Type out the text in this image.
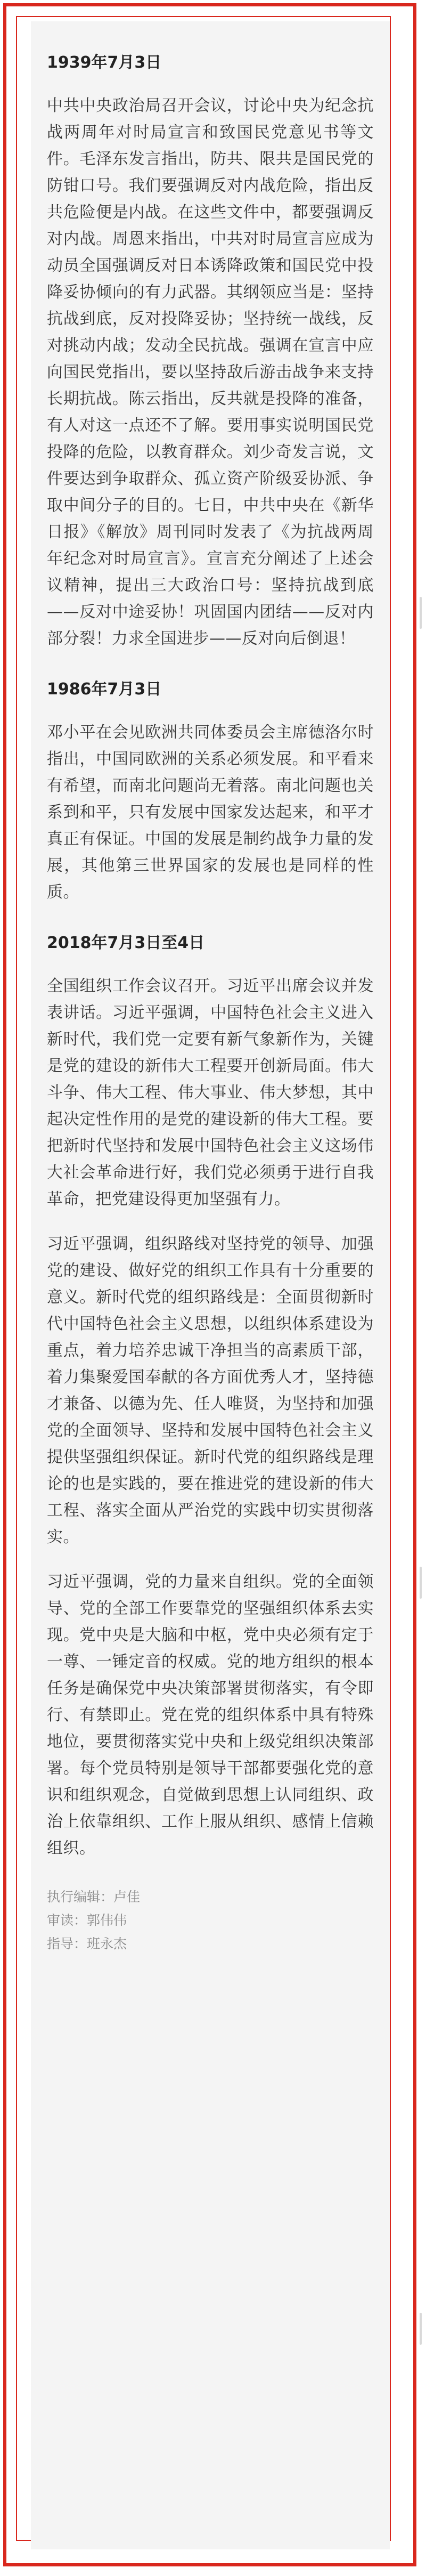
1939年7月3日

中共中央政治局召开会议，讨论中央为纪念抗战两周年对时局宣言和致国民党意见书等文件。毛泽东发言指出，防共、限共是国民党的防钳口号。我们要强调反对内战危险，指出反共危险便是内战。在这些文件中，都要强调反对内战。周恩来指出，中共对时局宣言应成为动员全国强调反对日本诱降政策和国民党中投降妥协倾向的有力武器。其纲领应当是：坚持抗战到底，反对投降妥协；坚持统一战线，反对挑动内战；发动全民抗战。强调在宣言中应向国民党指出，要以坚持敌后游击战争来支持长期抗战。陈云指出，反共就是投降的准备，有人对这一点还不了解。要用事实说明国民党投降的危险，以教育群众。刘少奇发言说，文件要达到争取群众、孤立资产阶级妥协派、争取中间分子的目的。七日，中共中央在《新华日报》《解放》周刊同时发表了《为抗战两周年纪念对时局宣言》。宣言充分阐述了上述会议精神，提出三大政治口号：坚持抗战到底——反对中途妥协！巩固国内团结——反对内部分裂！力求全国进步——反对向后倒退！

1986年7月3日

邓小平在会见欧洲共同体委员会主席德洛尔时指出，中国同欧洲的关系必须发展。和平看来有希望，而南北问题尚无着落。南北问题也关系到和平，只有发展中国家发达起来，和平才真正有保证。中国的发展是制约战争力量的发展，其他第三世界国家的发展也是同样的性质。

2018年7月3日至4日

全国组织工作会议召开。习近平出席会议并发表讲话。习近平强调，中国特色社会主义进入新时代，我们党一定要有新气象新作为，关键是党的建设的新伟大工程要开创新局面。伟大斗争、伟大工程、伟大事业、伟大梦想，其中起决定性作用的是党的建设新的伟大工程。要把新时代坚持和发展中国特色社会主义这场伟大社会革命进行好，我们党必须勇于进行自我革命，把党建设得更加坚强有力。

习近平强调，组织路线对坚持党的领导、加强党的建设、做好党的组织工作具有十分重要的意义。新时代党的组织路线是：全面贯彻新时代中国特色社会主义思想，以组织体系建设为重点，着力培养忠诚干净担当的高素质干部，着力集聚爱国奉献的各方面优秀人才，坚持德才兼备、以德为先、任人唯贤，为坚持和加强党的全面领导、坚持和发展中国特色社会主义提供坚强组织保证。新时代党的组织路线是理论的也是实践的，要在推进党的建设新的伟大工程、落实全面从严治党的实践中切实贯彻落实。

习近平强调，党的力量来自组织。党的全面领导、党的全部工作要靠党的坚强组织体系去实现。党中央是大脑和中枢，党中央必须有定于一尊、一锤定音的权威。党的地方组织的根本任务是确保党中央决策部署贯彻落实，有令即行、有禁即止。党在党的组织体系中具有特殊地位，要贯彻落实党中央和上级党组织决策部署。每个党员特别是领导干部都要强化党的意识和组织观念，自觉做到思想上认同组织、政治上依靠组织、工作上服从组织、感情上信赖组织。

执行编辑：卢佳
审读：郭伟伟
指导：班永杰
